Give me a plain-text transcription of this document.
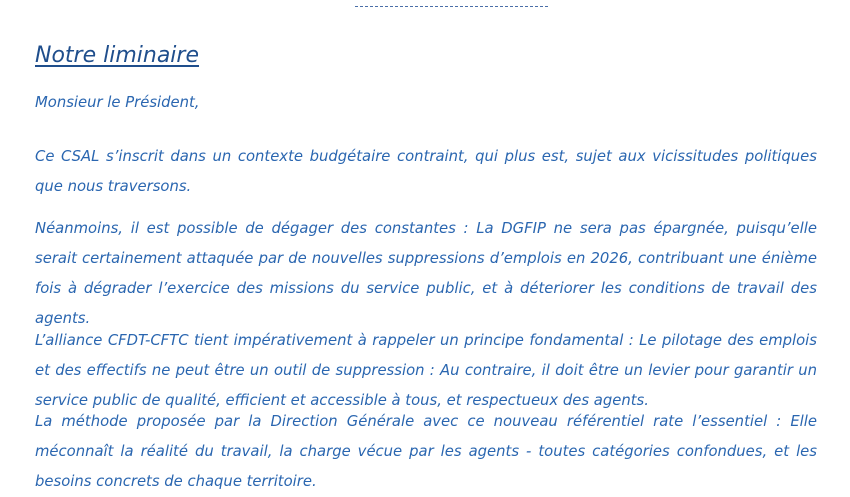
Notre liminaire

Monsieur le Président,

Ce CSAL s’inscrit dans un contexte budgétaire contraint, qui plus est, sujet aux vicissitudes politiques que nous traversons.

Néanmoins, il est possible de dégager des constantes : La DGFIP ne sera pas épargnée, puisqu’elle serait certainement attaquée par de nouvelles suppressions d’emplois en 2026, contribuant une énième fois à dégrader l’exercice des missions du service public, et à déteriorer les conditions de travail des agents.

L’alliance CFDT-CFTC tient impérativement à rappeler un principe fondamental : Le pilotage des emplois et des effectifs ne peut être un outil de suppression : Au contraire, il doit être un levier pour garantir un service public de qualité, efficient et accessible à tous, et respectueux des agents.

La méthode proposée par la Direction Générale avec ce nouveau référentiel rate l’essentiel : Elle méconnaît la réalité du travail, la charge vécue par les agents - toutes catégories confondues, et les besoins concrets de chaque territoire.
